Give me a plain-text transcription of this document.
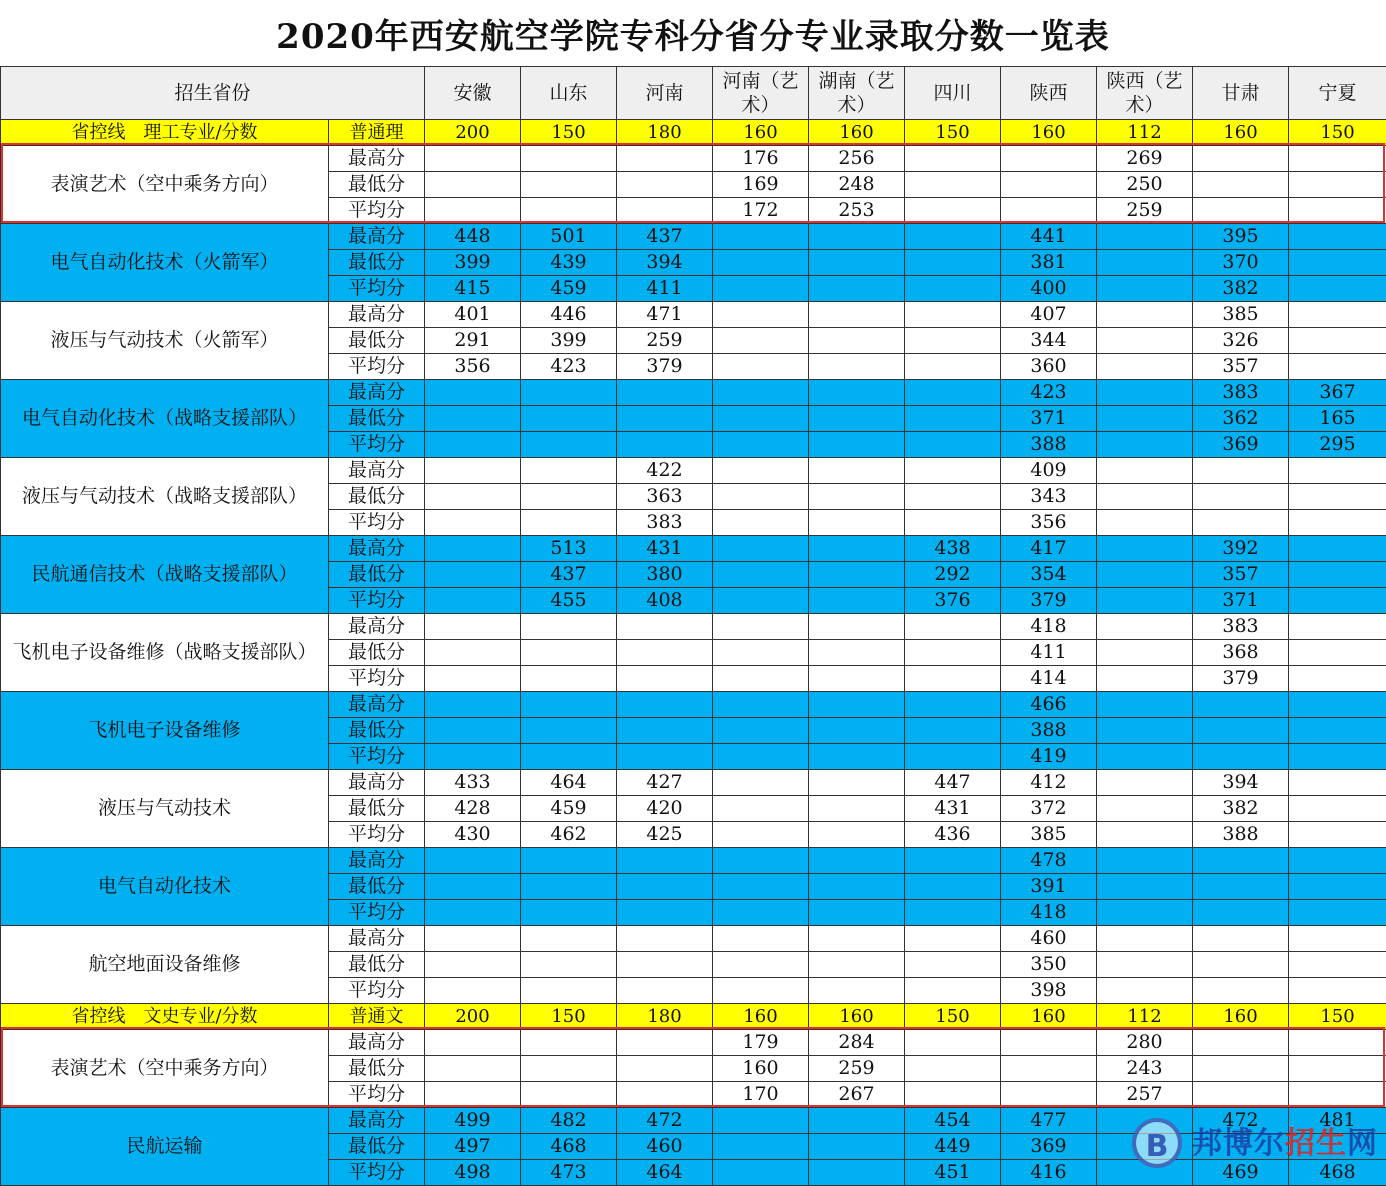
2020年西安航空学院专科分省分专业录取分数一览表
招生省份		安徽	山东	河南	河南（艺术）	湖南（艺术）	四川	陕西	陕西（艺术）	甘肃	宁夏
省控线　理工专业/分数	普通理	200	150	180	160	160	150	160	112	160	150
表演艺术（空中乘务方向）	最高分				176	256			269		
	最低分				169	248			250		
	平均分				172	253			259		
电气自动化技术（火箭军）	最高分	448	501	437				441		395	
	最低分	399	439	394				381		370	
	平均分	415	459	411				400		382	
液压与气动技术（火箭军）	最高分	401	446	471				407		385	
	最低分	291	399	259				344		326	
	平均分	356	423	379				360		357	
电气自动化技术（战略支援部队）	最高分							423		383	367
	最低分							371		362	165
	平均分							388		369	295
液压与气动技术（战略支援部队）	最高分			422				409			
	最低分			363				343			
	平均分			383				356			
民航通信技术（战略支援部队）	最高分		513	431			438	417		392	
	最低分		437	380			292	354		357	
	平均分		455	408			376	379		371	
飞机电子设备维修（战略支援部队）	最高分							418		383	
	最低分							411		368	
	平均分							414		379	
飞机电子设备维修	最高分							466			
	最低分							388			
	平均分							419			
液压与气动技术	最高分	433	464	427			447	412		394	
	最低分	428	459	420			431	372		382	
	平均分	430	462	425			436	385		388	
电气自动化技术	最高分							478			
	最低分							391			
	平均分							418			
航空地面设备维修	最高分							460			
	最低分							350			
	平均分							398			
省控线　文史专业/分数	普通文	200	150	180	160	160	150	160	112	160	150
表演艺术（空中乘务方向）	最高分				179	284			280		
	最低分				160	259			243		
	平均分				170	267			257		
民航运输	最高分	499	482	472			454	477		472	481
	最低分	497	468	460			449	369			
	平均分	498	473	464			451	416		469	468
B 邦博尔招生网
